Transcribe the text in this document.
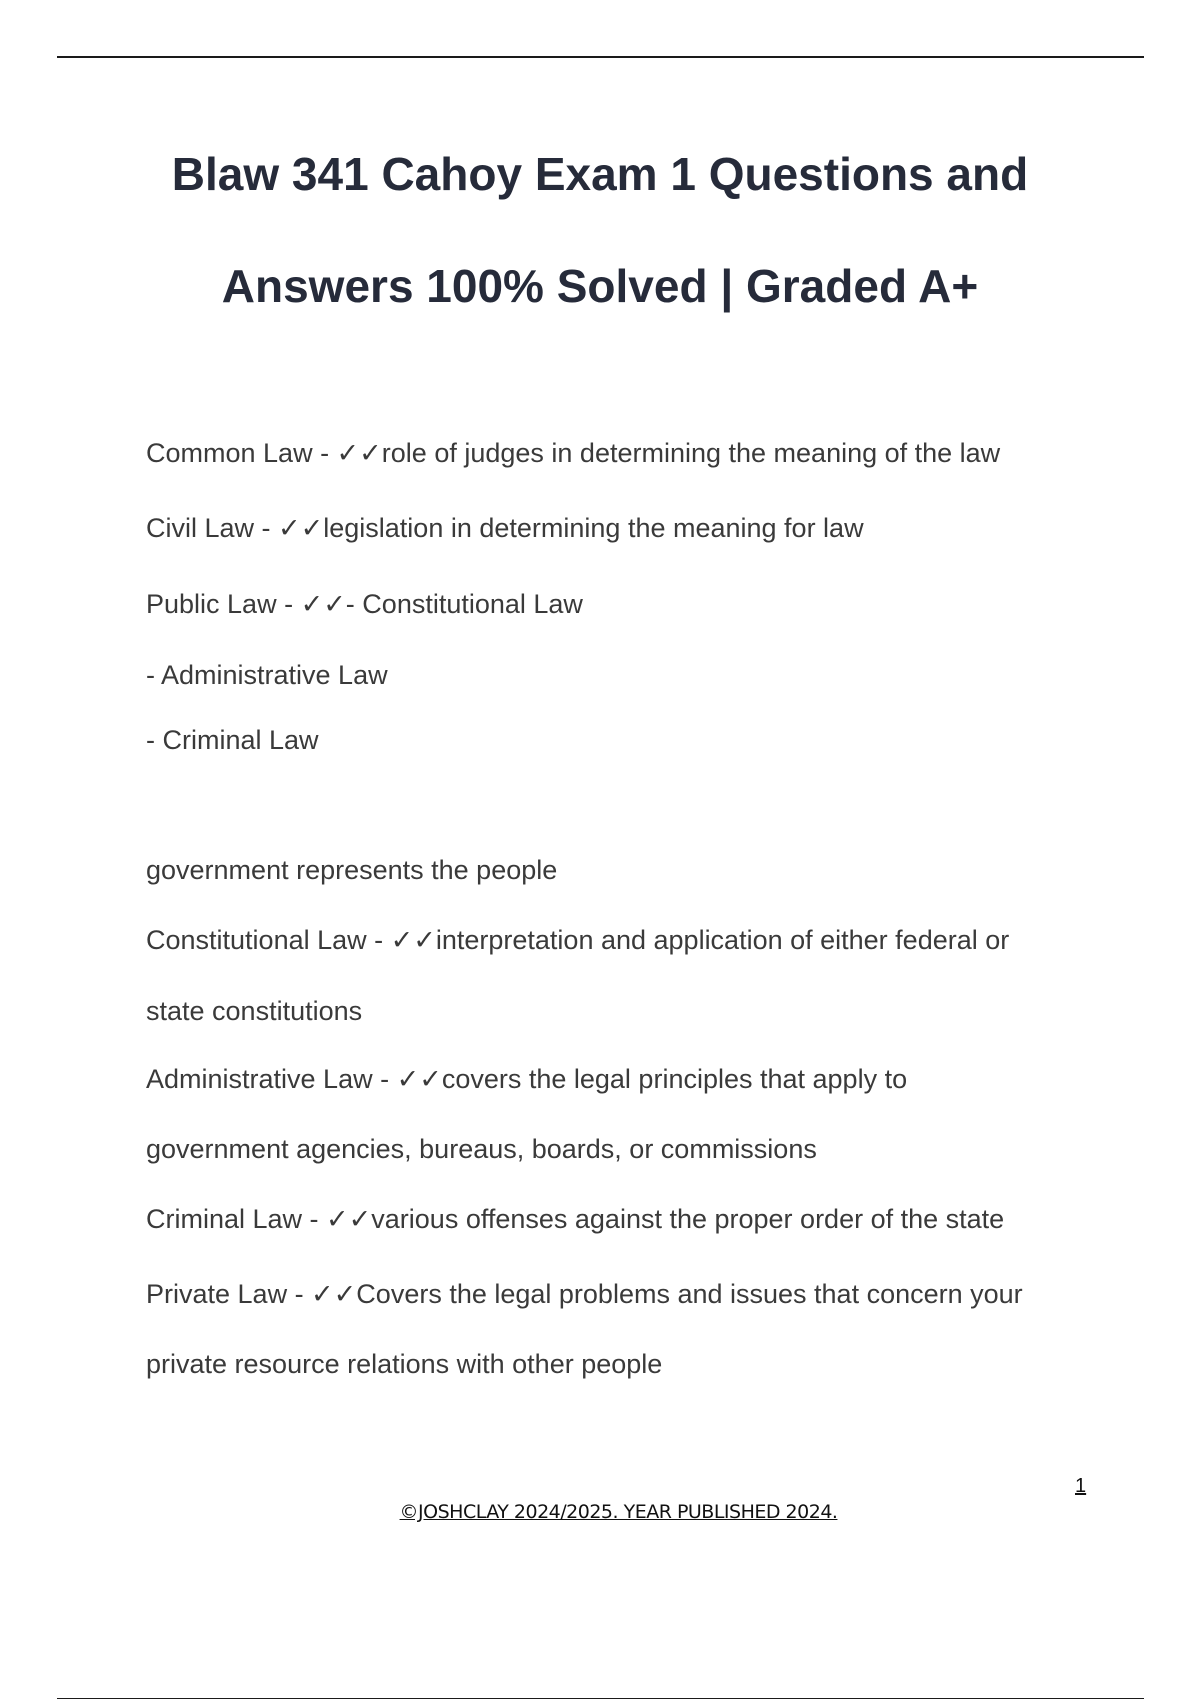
Blaw 341 Cahoy Exam 1 Questions and
Answers 100% Solved | Graded A+
Common Law - ✓✓role of judges in determining the meaning of the law
Civil Law - ✓✓legislation in determining the meaning for law
Public Law - ✓✓- Constitutional Law
- Administrative Law
- Criminal Law
government represents the people
Constitutional Law - ✓✓interpretation and application of either federal or
state constitutions
Administrative Law - ✓✓covers the legal principles that apply to
government agencies, bureaus, boards, or commissions
Criminal Law - ✓✓various offenses against the proper order of the state
Private Law - ✓✓Covers the legal problems and issues that concern your
private resource relations with other people
1
©JOSHCLAY 2024/2025. YEAR PUBLISHED 2024.
